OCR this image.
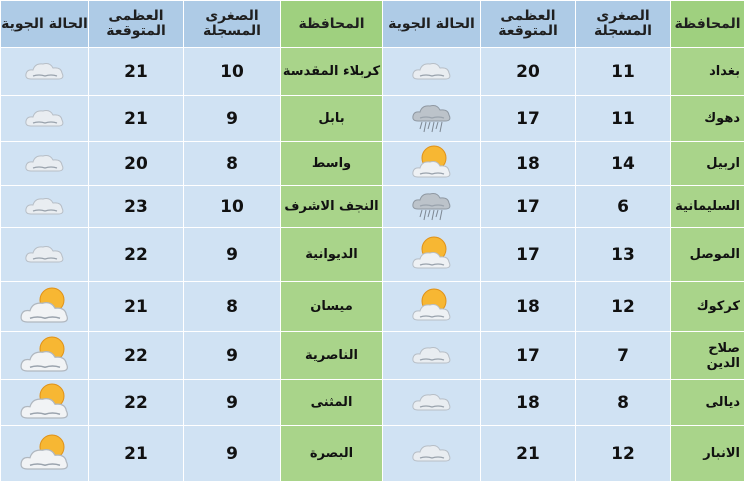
الحالة الجوية	العظمى المتوقعة	الصغرى المسجلة	المحافظة	الحالة الجوية	العظمى المتوقعة	الصغرى المسجلة	المحافظة
	21	10	كربلاء المقدسة		20	11	بغداد
	21	9	بابل		17	11	دهوك
	20	8	واسط		18	14	اربيل
	23	10	النجف الاشرف		17	6	السليمانية
	22	9	الديوانية		17	13	الموصل
	21	8	ميسان		18	12	كركوك
	22	9	الناصرية		17	7	صلاح الدين
	22	9	المثنى		18	8	ديالى
	21	9	البصرة		21	12	الانبار
